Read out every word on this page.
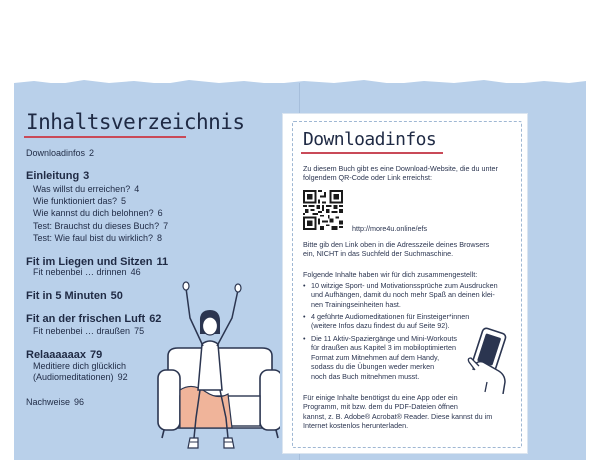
Inhaltsverzeichnis
Downloadinfos 2
Einleitung 3
Was willst du erreichen? 4
Wie funktioniert das? 5
Wie kannst du dich belohnen? 6
Test: Brauchst du dieses Buch? 7
Test: Wie faul bist du wirklich? 8
Fit im Liegen und Sitzen 11
Fit nebenbei … drinnen 46
Fit in 5 Minuten 50
Fit an der frischen Luft 62
Fit nebenbei … draußen 75
Relaaaaaax 79
Meditiere dich glücklich
(Audiomeditationen) 92
Nachweise 96
Downloadinfos
Zu diesem Buch gibt es eine Download-Website, die du unter
folgendem QR-Code oder Link erreichst:
http://more4u.online/efs
Bitte gib den Link oben in die Adresszeile deines Browsers
ein, NICHT in das Suchfeld der Suchmaschine.
Folgende Inhalte haben wir für dich zusammengestellt:
• 10 witzige Sport- und Motivationssprüche zum Ausdrucken
und Aufhängen, damit du noch mehr Spaß an deinen klei-
nen Trainingseinheiten hast.
• 4 geführte Audiomeditationen für Einsteiger*innen
(weitere Infos dazu findest du auf Seite 92).
• Die 11 Aktiv-Spaziergänge und Mini-Workouts
für draußen aus Kapitel 3 im mobiloptimierten
Format zum Mitnehmen auf dem Handy,
sodass du die Übungen weder merken
noch das Buch mitnehmen musst.
Für einige Inhalte benötigst du eine App oder ein
Programm, mit bzw. dem du PDF-Dateien öffnen
kannst, z. B. Adobe® Acrobat® Reader. Diese kannst du im
Internet kostenlos herunterladen.
